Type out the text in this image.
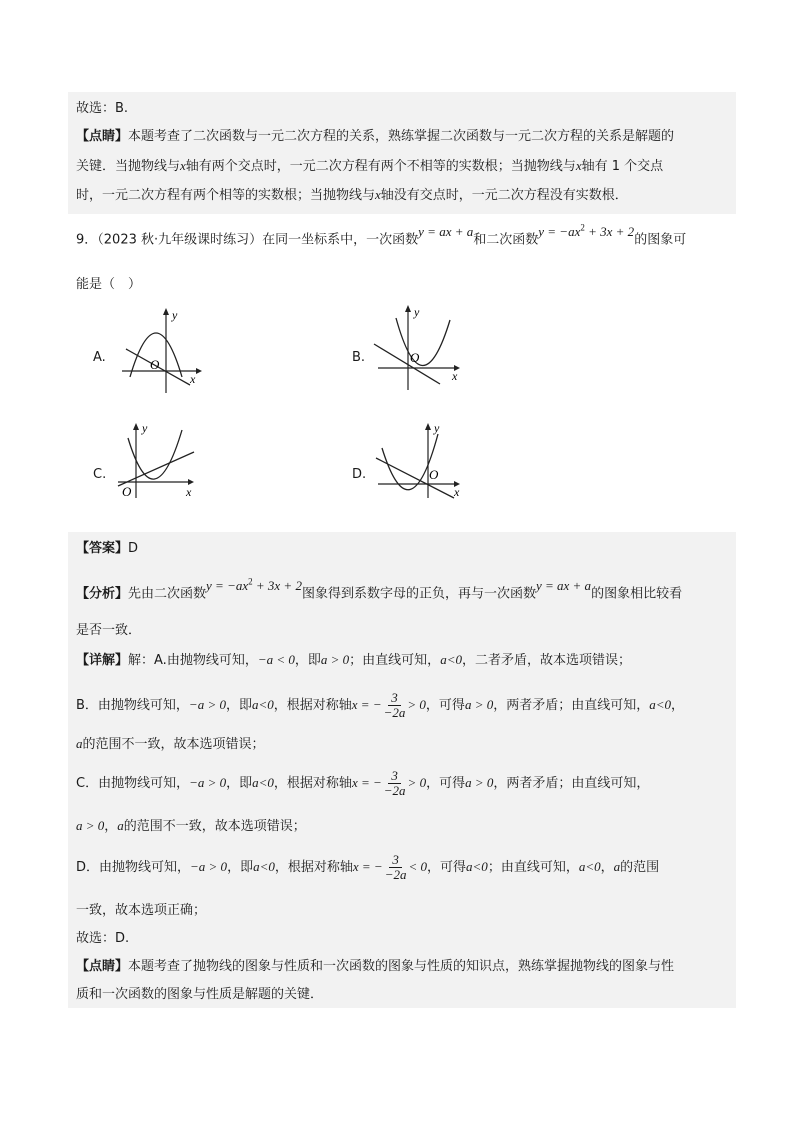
故选：B.
【点睛】本题考查了二次函数与一元二次方程的关系，熟练掌握二次函数与一元二次方程的关系是解题的
关键．当抛物线与x轴有两个交点时，一元二次方程有两个不相等的实数根；当抛物线与x轴有 1 个交点
时，一元二次方程有两个相等的实数根；当抛物线与x轴没有交点时，一元二次方程没有实数根．
9．（2023 秋·九年级课时练习）在同一坐标系中，一次函数y = ax + a和二次函数$y = -ax^2 + 3x + 2$的图象可
能是（　）
A.	O
x
y
B.	O
x
y
C.
O	x
y
D.	O
x
y
【答案】D
【分析】先由二次函数$y = -ax^2 + 3x + 2$图象得到系数字母的正负，再与一次函数y = ax + a的图象相比较看
是否一致．
【详解】解：A.由抛物线可知，−a < 0，即a > 0；由直线可知，a<0，二者矛盾，故本选项错误；
B．由抛物线可知，−a > 0，即a<0，根据对称轴x = − $\frac{3}{-2a} > 0$，可得a > 0，两者矛盾；由直线可知，a<0，
a的范围不一致，故本选项错误；
C．由抛物线可知，−a > 0，即a<0，根据对称轴x = − $\frac{3}{-2a} > 0$，可得a > 0，两者矛盾；由直线可知，
a > 0，a的范围不一致，故本选项错误；
D．由抛物线可知，−a > 0，即a<0，根据对称轴x = − $\frac{3}{-2a} < 0$，可得a<0；由直线可知，a<0，a的范围
一致，故本选项正确；
故选：D.
【点睛】本题考查了抛物线的图象与性质和一次函数的图象与性质的知识点，熟练掌握抛物线的图象与性
质和一次函数的图象与性质是解题的关键．
